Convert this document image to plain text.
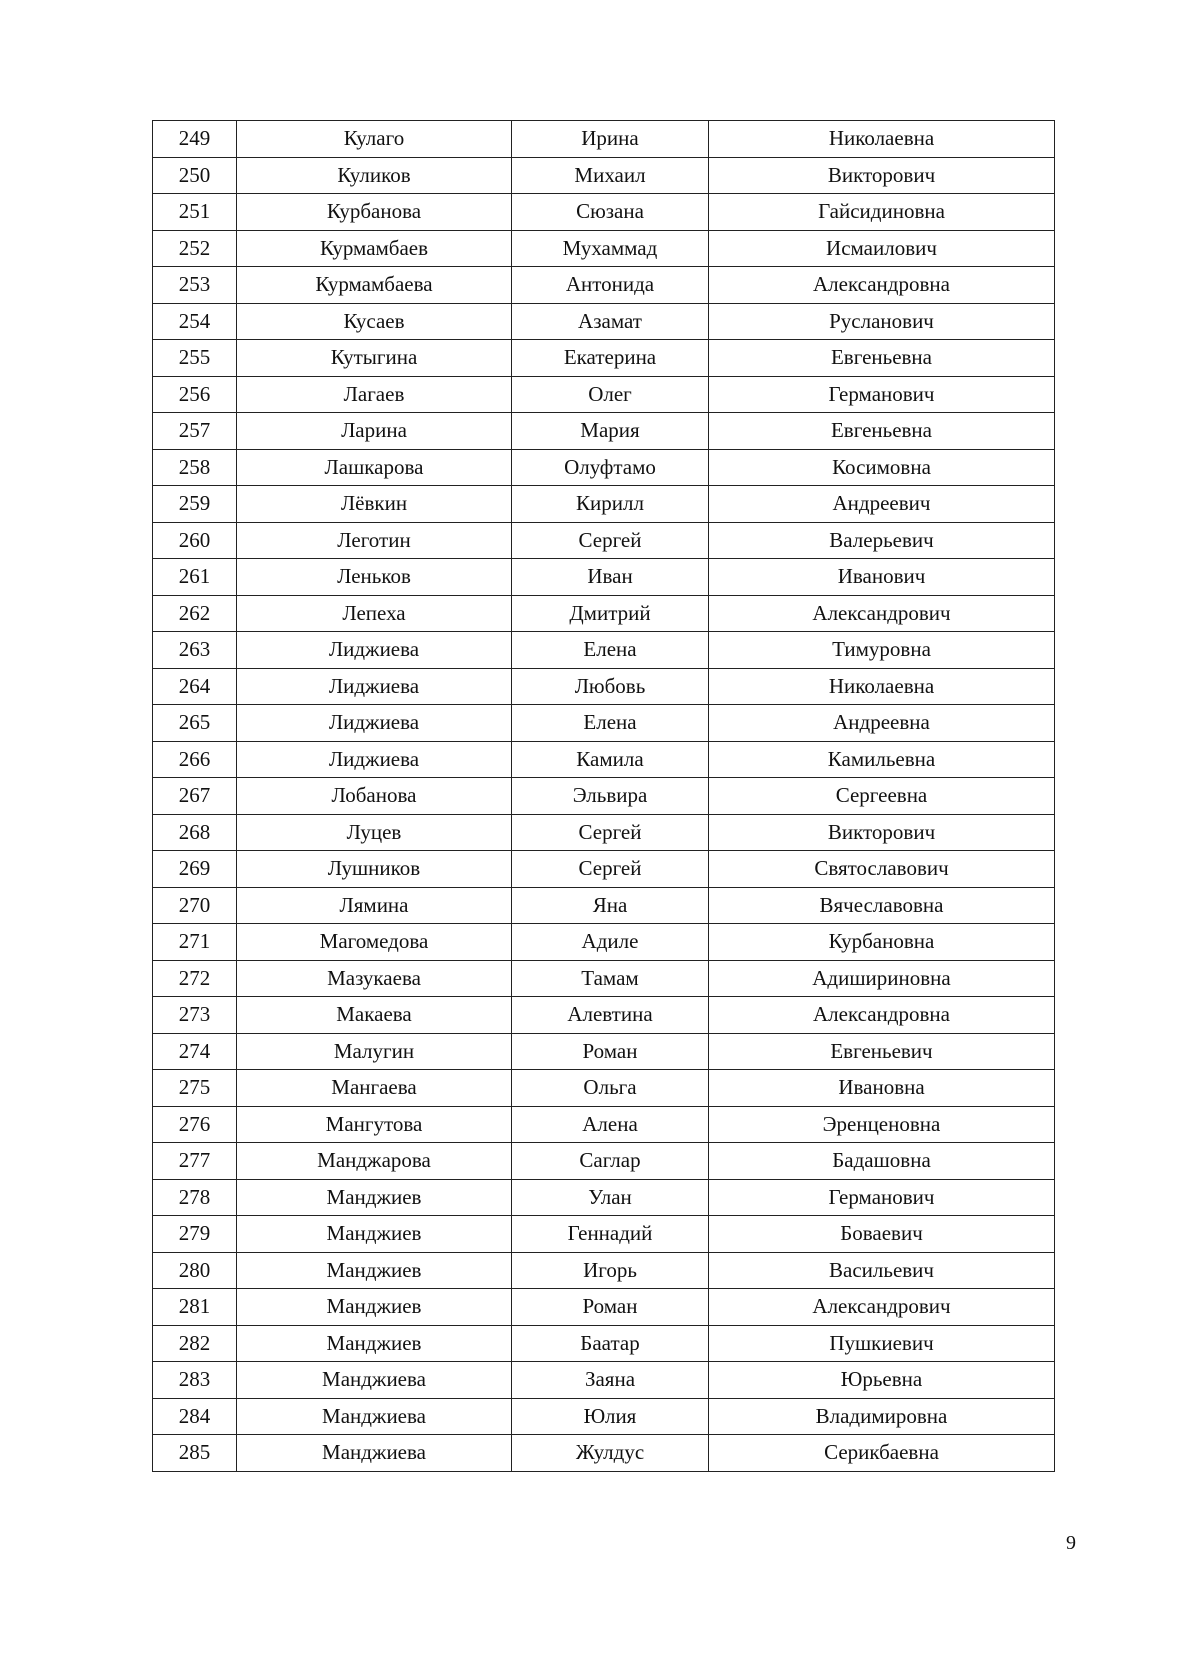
249	Кулаго	Ирина	Николаевна
250	Куликов	Михаил	Викторович
251	Курбанова	Сюзана	Гайсидиновна
252	Курмамбаев	Мухаммад	Исмаилович
253	Курмамбаева	Антонида	Александровна
254	Кусаев	Азамат	Русланович
255	Кутыгина	Екатерина	Евгеньевна
256	Лагаев	Олег	Германович
257	Ларина	Мария	Евгеньевна
258	Лашкарова	Олуфтамо	Косимовна
259	Лёвкин	Кирилл	Андреевич
260	Леготин	Сергей	Валерьевич
261	Леньков	Иван	Иванович
262	Лепеха	Дмитрий	Александрович
263	Лиджиева	Елена	Тимуровна
264	Лиджиева	Любовь	Николаевна
265	Лиджиева	Елена	Андреевна
266	Лиджиева	Камила	Камильевна
267	Лобанова	Эльвира	Сергеевна
268	Луцев	Сергей	Викторович
269	Лушников	Сергей	Святославович
270	Лямина	Яна	Вячеславовна
271	Магомедова	Адиле	Курбановна
272	Мазукаева	Тамам	Адишириновна
273	Макаева	Алевтина	Александровна
274	Малугин	Роман	Евгеньевич
275	Мангаева	Ольга	Ивановна
276	Мангутова	Алена	Эренценовна
277	Манджарова	Саглар	Бадашовна
278	Манджиев	Улан	Германович
279	Манджиев	Геннадий	Боваевич
280	Манджиев	Игорь	Васильевич
281	Манджиев	Роман	Александрович
282	Манджиев	Баатар	Пушкиевич
283	Манджиева	Заяна	Юрьевна
284	Манджиева	Юлия	Владимировна
285	Манджиева	Жулдус	Серикбаевна
9
